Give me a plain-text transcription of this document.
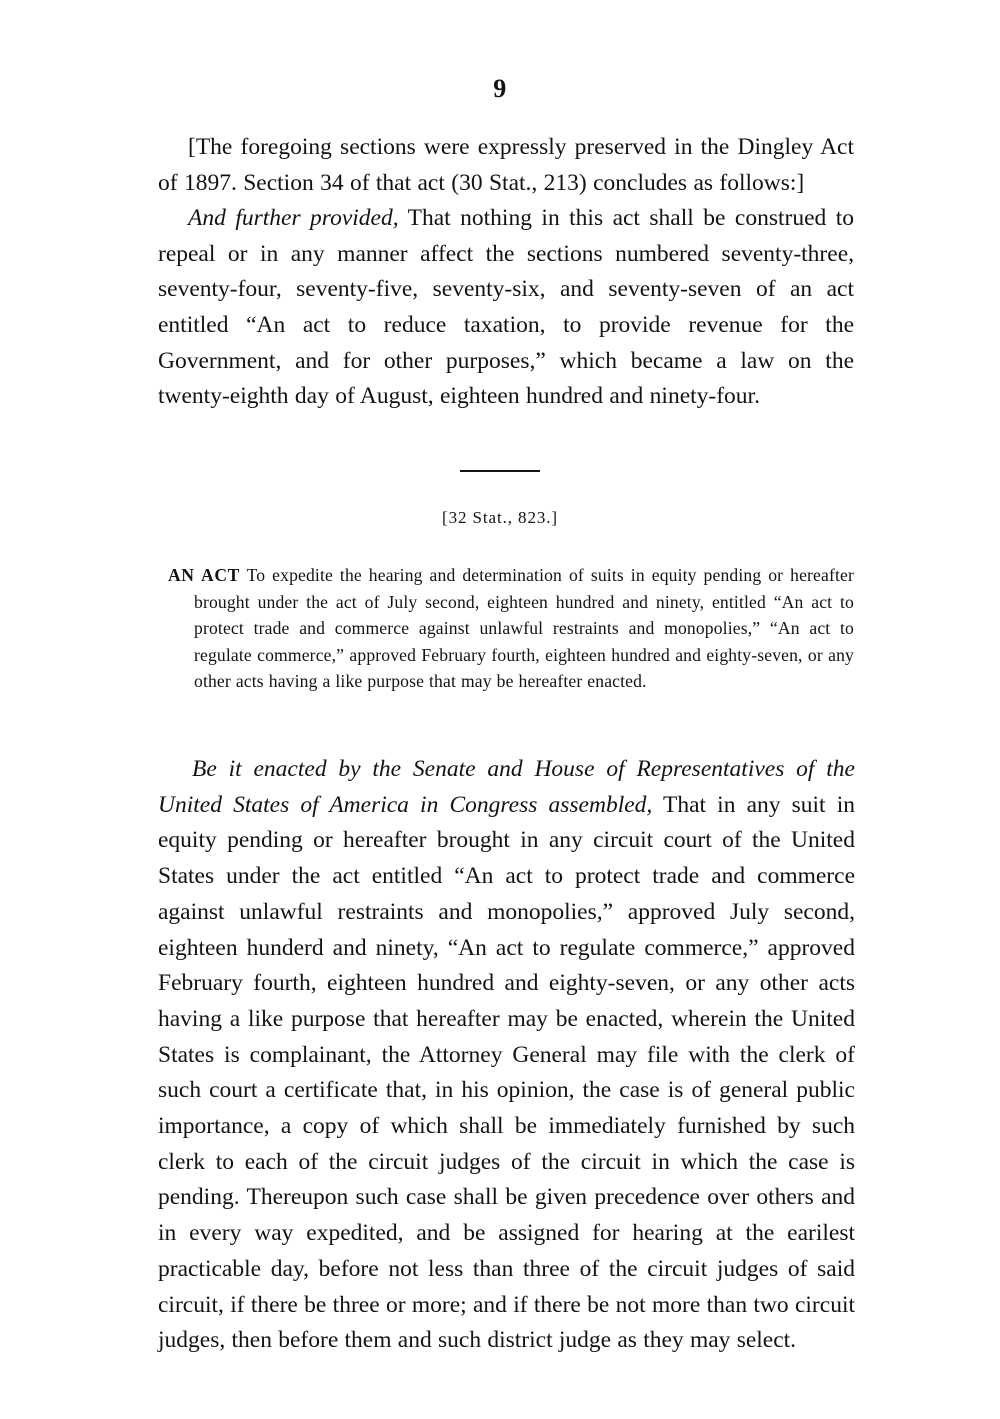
9

[The foregoing sections were expressly preserved in the Dingley Act of 1897. Section 34 of that act (30 Stat., 213) concludes as follows:]

And further provided, That nothing in this act shall be construed to repeal or in any manner affect the sections numbered seventy-three, seventy-four, seventy-five, seventy-six, and seventy-seven of an act entitled “An act to reduce taxation, to provide revenue for the Government, and for other purposes,” which became a law on the twenty-eighth day of August, eighteen hundred and ninety-four.

[32 Stat., 823.]
AN ACT To expedite the hearing and determination of suits in equity pending or hereafter brought under the act of July second, eighteen hundred and ninety, entitled “An act to protect trade and commerce against unlawful restraints and monopolies,” “An act to regulate commerce,” approved February fourth, eighteen hundred and eighty-seven, or any other acts having a like purpose that may be hereafter enacted.

Be it enacted by the Senate and House of Representatives of the United States of America in Congress assembled, That in any suit in equity pending or hereafter brought in any circuit court of the United States under the act entitled “An act to protect trade and commerce against unlawful restraints and monopolies,” approved July second, eighteen hunderd and ninety, “An act to regulate commerce,” approved February fourth, eighteen hundred and eighty-seven, or any other acts having a like purpose that hereafter may be enacted, wherein the United States is complainant, the Attorney General may file with the clerk of such court a certificate that, in his opinion, the case is of general public importance, a copy of which shall be immediately furnished by such clerk to each of the circuit judges of the circuit in which the case is pending. Thereupon such case shall be given precedence over others and in every way expedited, and be assigned for hearing at the earilest practicable day, before not less than three of the circuit judges of said circuit, if there be three or more; and if there be not more than two circuit judges, then before them and such district judge as they may select.
